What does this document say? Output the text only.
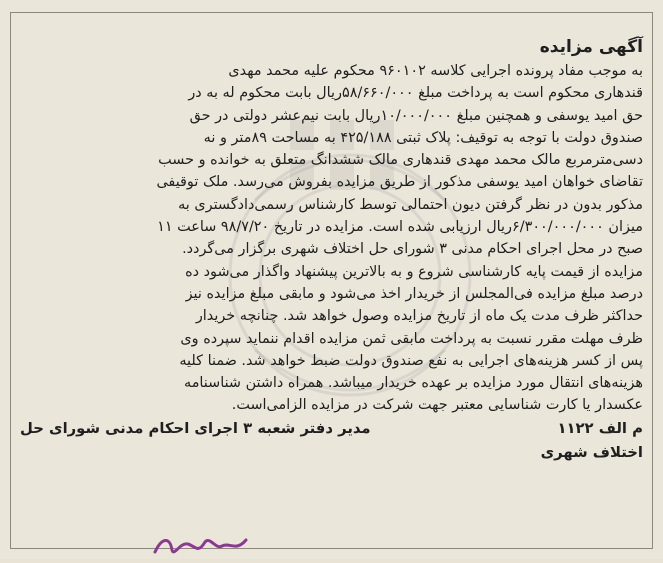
آگهی مزایده
به موجب مفاد پرونده اجرایی کلاسه ۹۶۰۱۰۲ محکوم علیه محمد مهدی
قندهاری محکوم است به پرداخت مبلغ ۵۸/۶۶۰/۰۰۰ریال بابت محکوم له به در
حق امید یوسفی و همچنین مبلغ ۱۰/۰۰۰/۰۰۰ریال بابت نیم‌عشر دولتی در حق
صندوق دولت با توجه به توقیف: پلاک ثبتی ۴۲۵/۱۸۸ به مساحت ۸۹متر و نه
دسی‌مترمربع مالک محمد مهدی قندهاری مالک ششدانگ متعلق به خوانده و حسب
تقاضای خواهان امید یوسفی مذکور از طریق مزایده بفروش می‌رسد. ملک توقیفی
مذکور بدون در نظر گرفتن دیون احتمالی توسط کارشناس رسمی‌دادگستری به
میزان ۶/۳۰۰/۰۰۰/۰۰۰ریال ارزیابی شده است. مزایده در تاریخ ۹۸/۷/۲۰ ساعت ۱۱
صبح در محل اجرای احکام مدنی ۳ شورای حل اختلاف شهری برگزار می‌گردد.
مزایده از قیمت پایه کارشناسی شروع و به بالاترین پیشنهاد واگذار می‌شود ده
درصد مبلغ مزایده فی‌المجلس از خریدار اخذ می‌شود و مابقی مبلغ مزایده نیز
حداکثر ظرف مدت یک ماه از تاریخ مزایده وصول خواهد شد. چنانچه خریدار
ظرف مهلت مقرر نسبت به پرداخت مابقی ثمن مزایده اقدام ننماید سپرده وی
پس از کسر هزینه‌های اجرایی به نفع صندوق دولت ضبط خواهد شد. ضمنا کلیه
هزینه‌های انتقال مورد مزایده بر عهده خریدار میباشد. همراه داشتن شناسنامه
عکسدار یا کارت شناسایی معتبر جهت شرکت در مزایده الزامی‌است.
م الف ۱۱۲۲
مدیر دفتر شعبه ۳ اجرای احکام مدنی شورای حل
اختلاف شهری
